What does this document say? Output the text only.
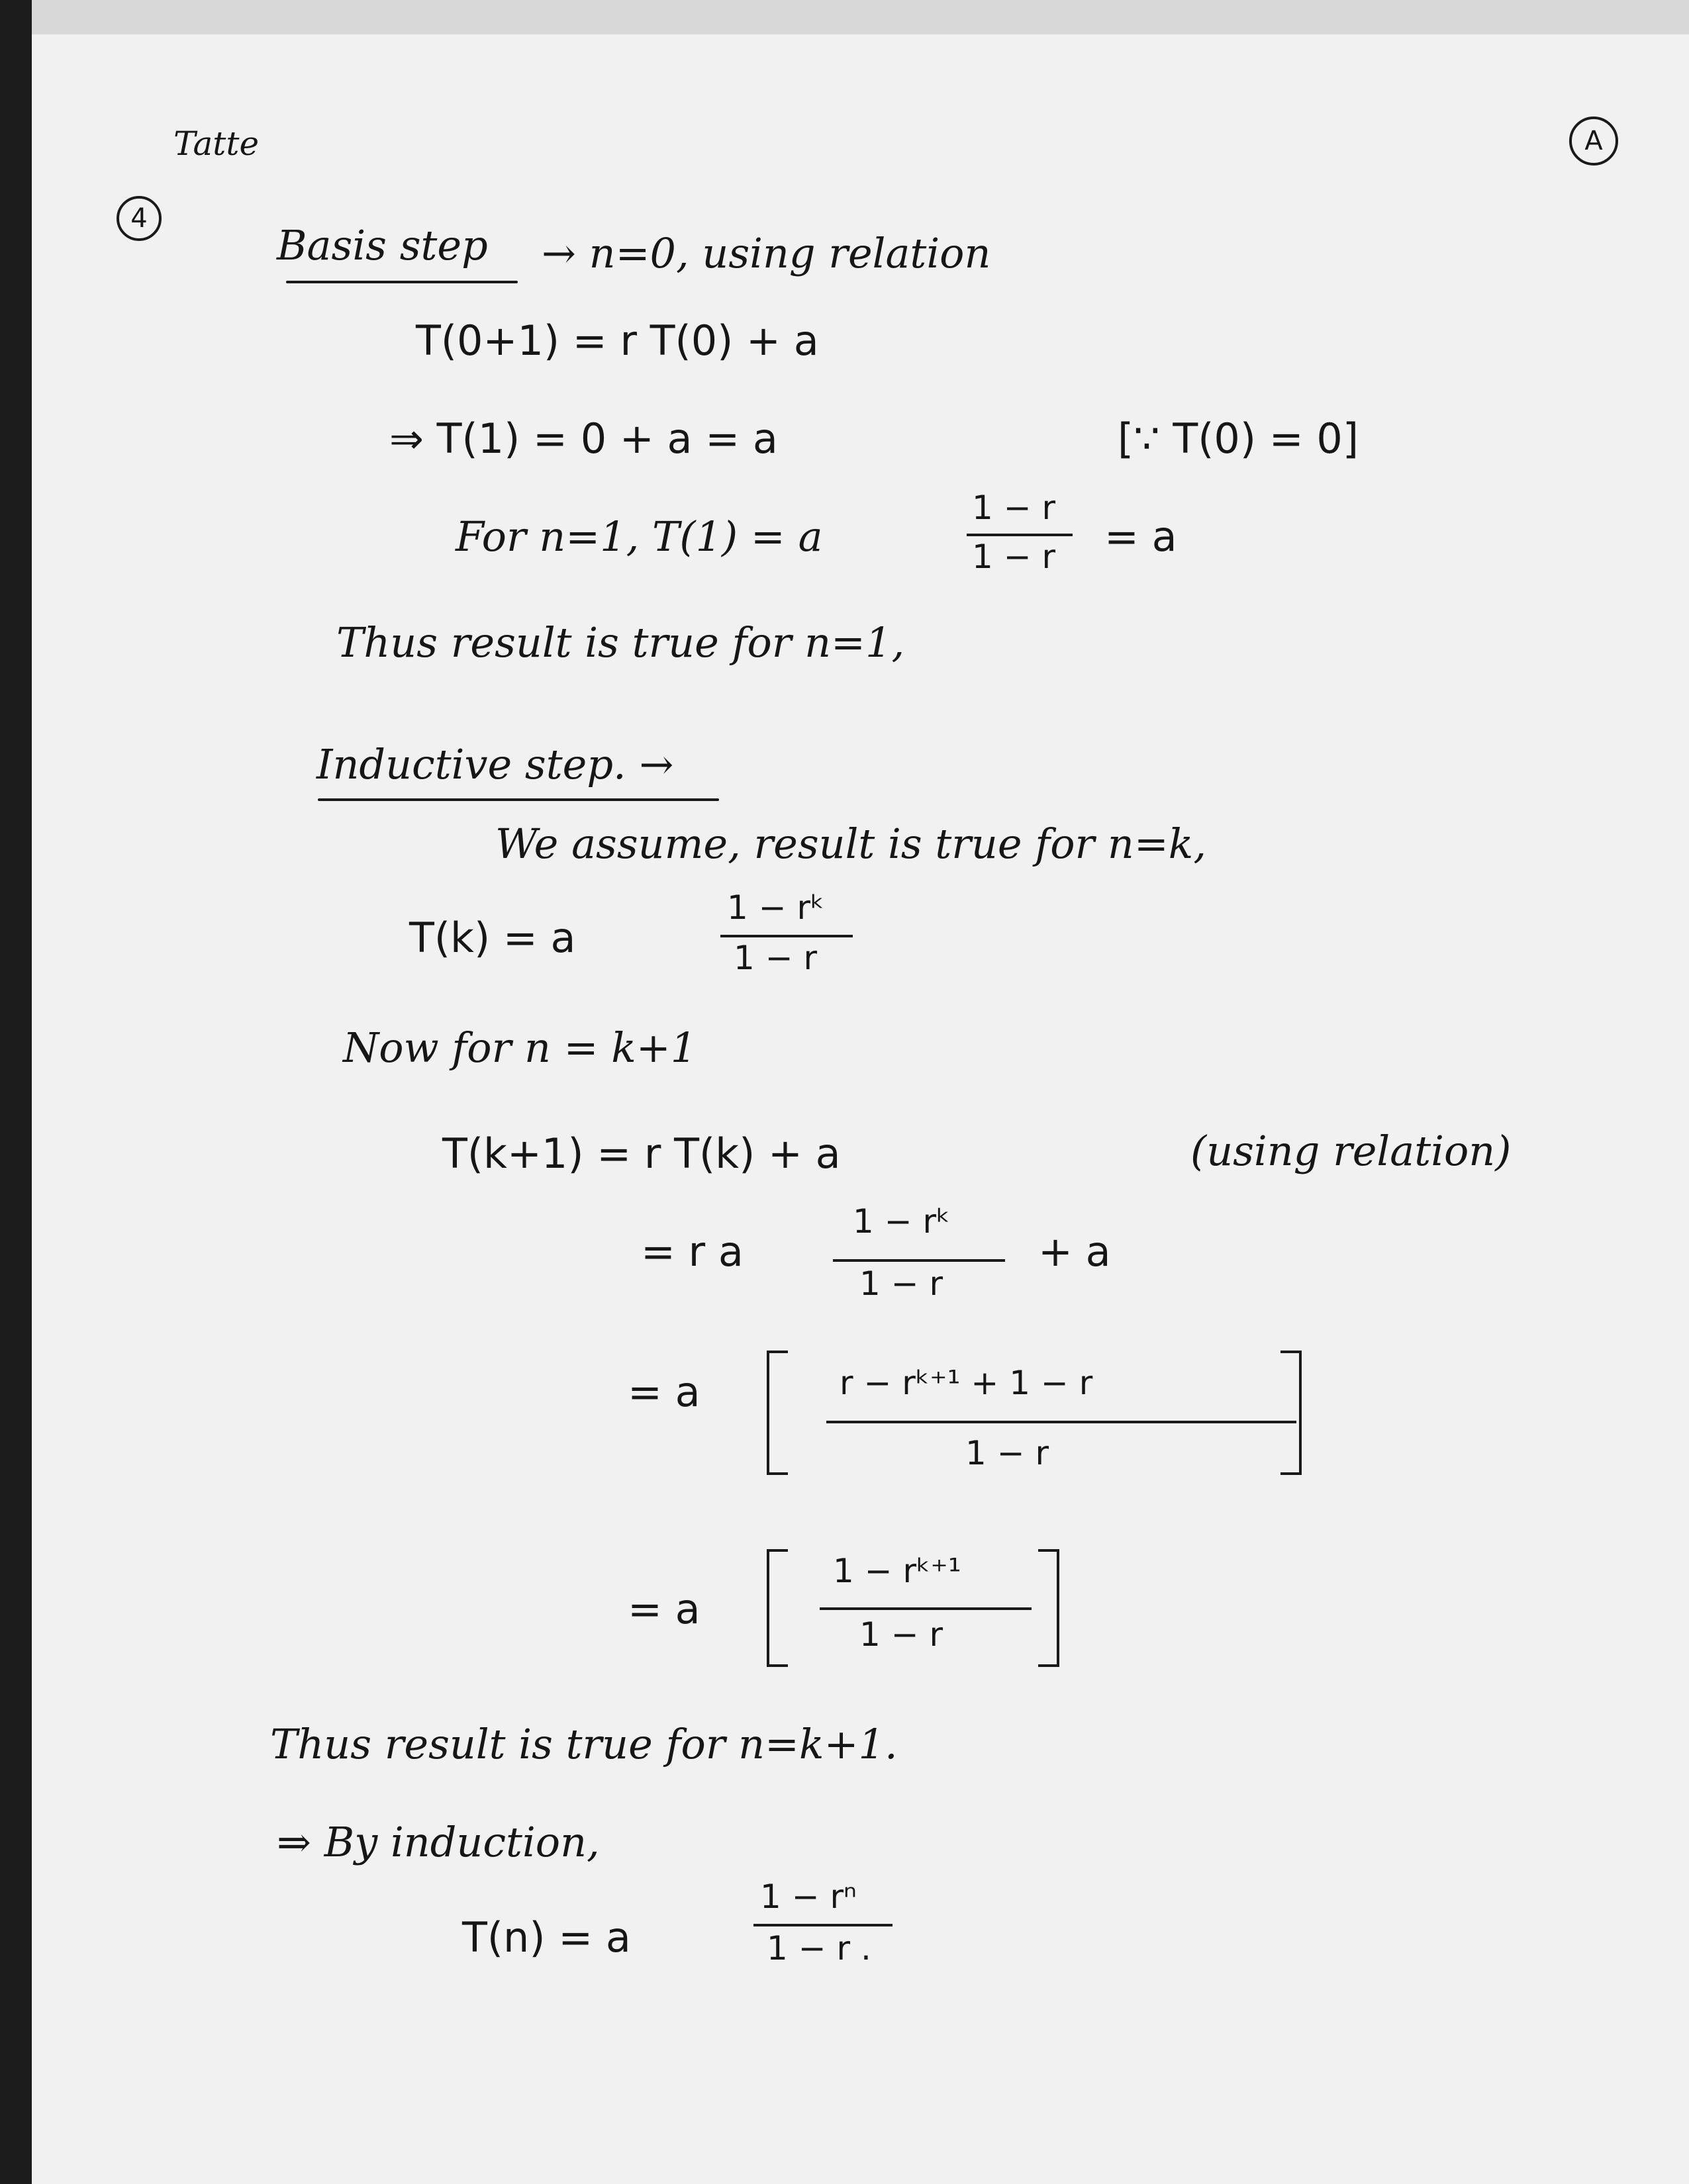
Tatte	A
4
Basis step → n=0, using relation
T(0+1) = r T(0) + a
⇒ T(1) = 0 + a = a	[∵ T(0) = 0]
For n=1, T(1) = a
1 − r
1 − r = a
Thus result is true for n=1,
Inductive step. →
We assume, result is true for n=k,
T(k) = a
1 − rᵏ
1 − r
Now for n = k+1
T(k+1) = r T(k) + a	(using relation)
= r a
1 − rᵏ
1 − r
+ a
= a	r − rᵏ⁺¹ + 1 − r
1 − r
= a
1 − rᵏ⁺¹
1 − r
Thus result is true for n=k+1.
⇒ By induction,
T(n) = a
1 − rⁿ
1 − r .
